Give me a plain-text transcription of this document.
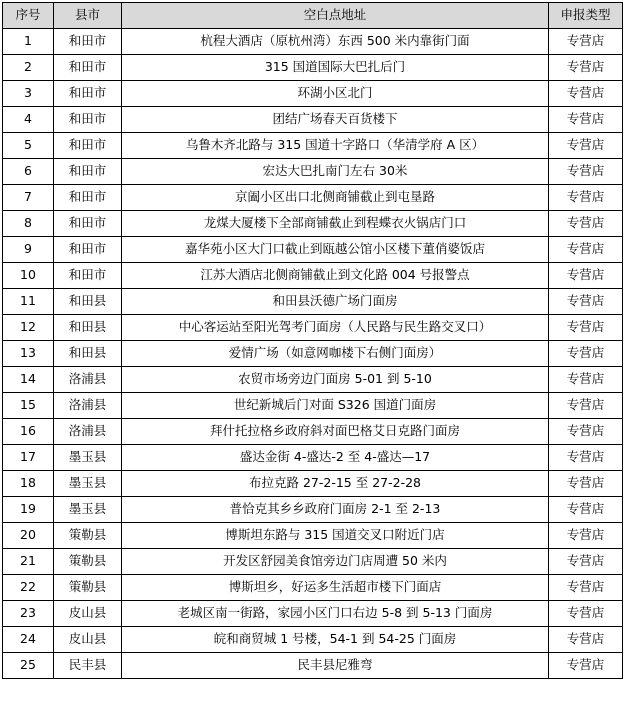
序号	县市	空白点地址	申报类型
1	和田市	杭程大酒店（原杭州湾）东西 500 米内靠街门面	专营店
2	和田市	315 国道国际大巴扎后门	专营店
3	和田市	环湖小区北门	专营店
4	和田市	团结广场春天百货楼下	专营店
5	和田市	乌鲁木齐北路与 315 国道十字路口（华清学府 A 区）	专营店
6	和田市	宏达大巴扎南门左右 30米	专营店
7	和田市	京阖小区出口北侧商铺截止到屯垦路	专营店
8	和田市	龙煤大厦楼下全部商铺截止到程蝶衣火锅店门口	专营店
9	和田市	嘉华苑小区大门口截止到瓯越公馆小区楼下董俏婆饭店	专营店
10	和田市	江苏大酒店北侧商铺截止到文化路 004 号报警点	专营店
11	和田县	和田县沃德广场门面房	专营店
12	和田县	中心客运站至阳光驾考门面房（人民路与民生路交叉口）	专营店
13	和田县	爱情广场（如意网咖楼下右侧门面房）	专营店
14	洛浦县	农贸市场旁边门面房 5-01 到 5-10	专营店
15	洛浦县	世纪新城后门对面 S326 国道门面房	专营店
16	洛浦县	拜什托拉格乡政府斜对面巴格艾日克路门面房	专营店
17	墨玉县	盛达金街 4-盛达-2 至 4-盛达—17	专营店
18	墨玉县	布拉克路 27-2-15 至 27-2-28	专营店
19	墨玉县	普恰克其乡乡政府门面房 2-1 至 2-13	专营店
20	策勒县	博斯坦东路与 315 国道交叉口附近门店	专营店
21	策勒县	开发区舒园美食馆旁边门店周遭 50 米内	专营店
22	策勒县	博斯坦乡，好运多生活超市楼下门面店	专营店
23	皮山县	老城区南一街路，家园小区门口右边 5-8 到 5-13 门面房	专营店
24	皮山县	皖和商贸城 1 号楼，54-1 到 54-25 门面房	专营店
25	民丰县	民丰县尼雅弯	专营店
